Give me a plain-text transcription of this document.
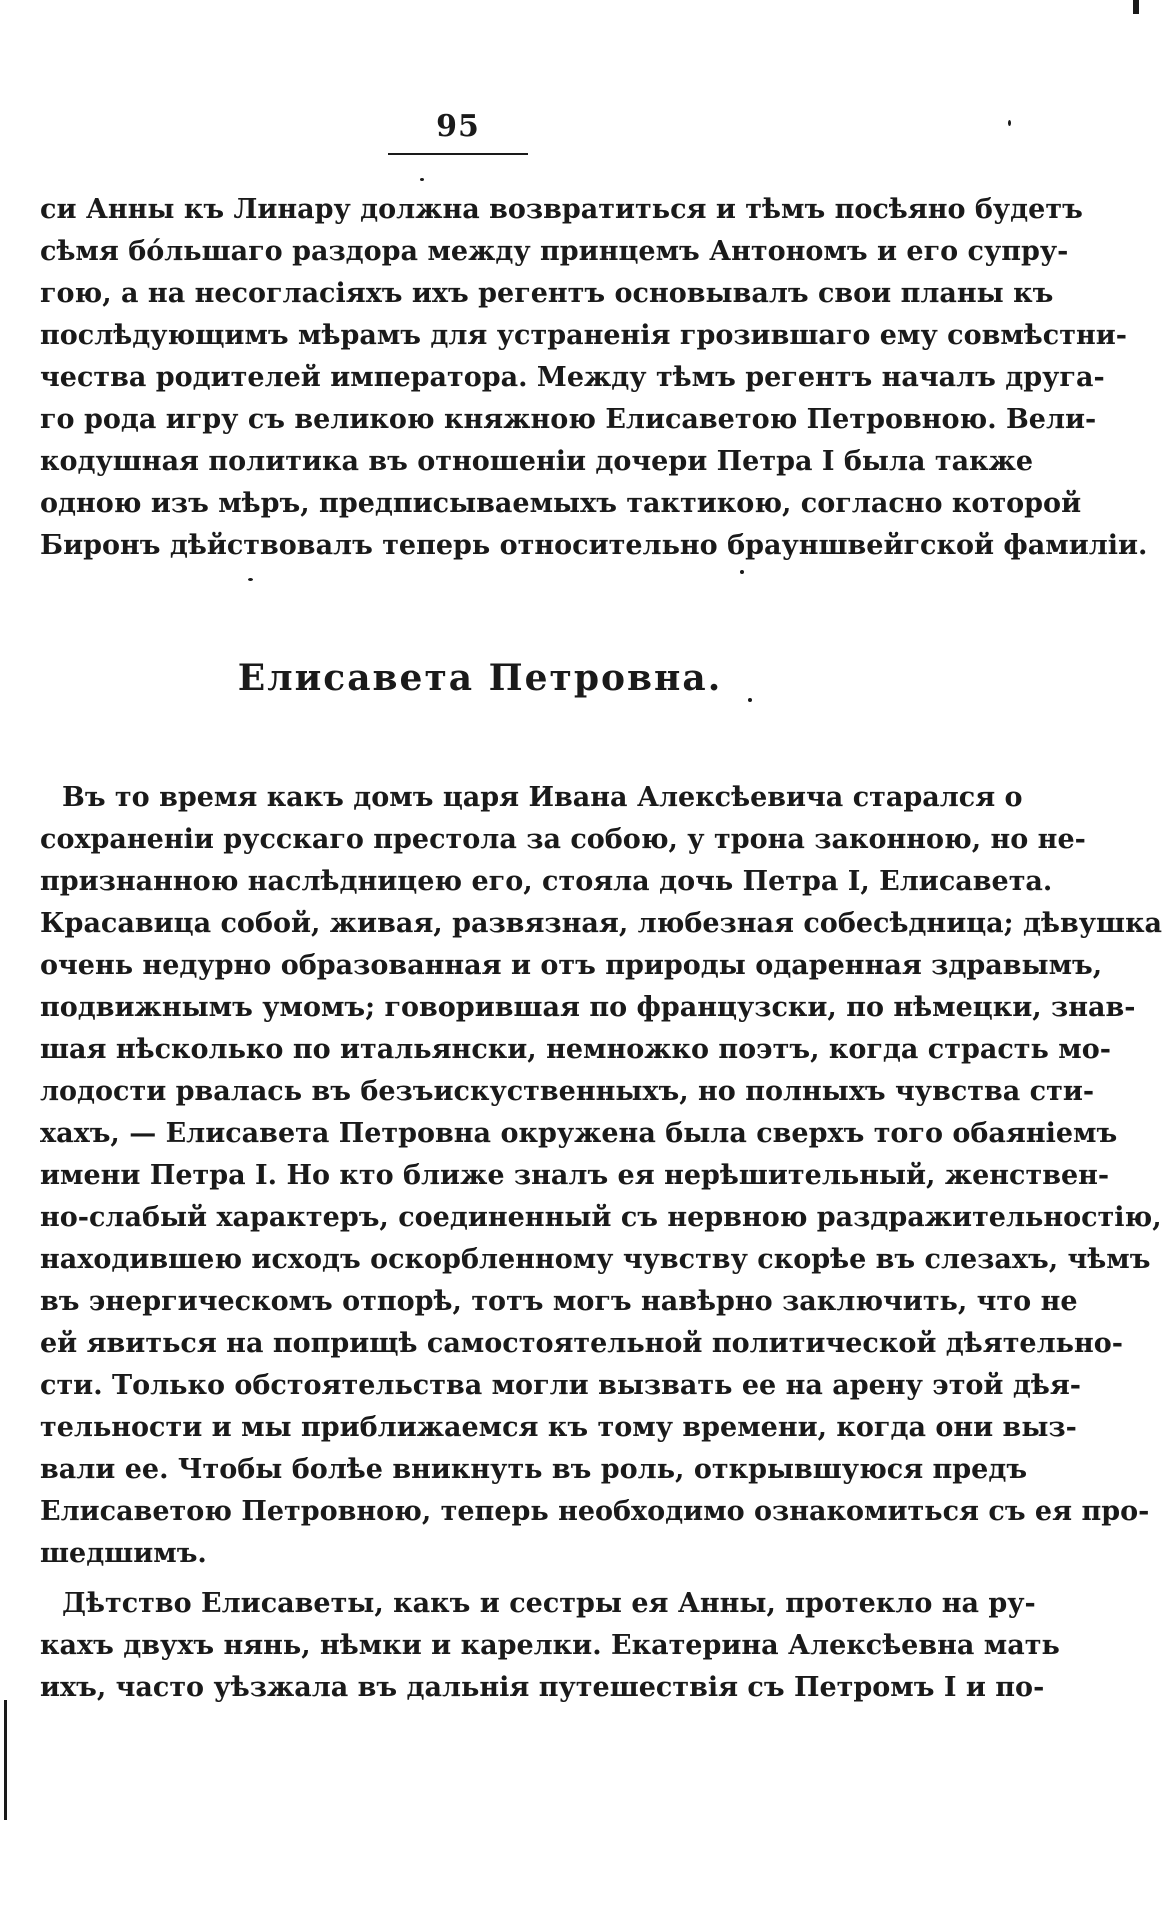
95
си Анны къ Линару должна возвратиться и тѣмъ посѣяно будетъ
сѣмя бóльшаго раздора между принцемъ Антономъ и его супру-
гою, а на несогласіяхъ ихъ регентъ основывалъ свои планы къ
послѣдующимъ мѣрамъ для устраненія грозившаго ему совмѣстни-
чества родителей императора. Между тѣмъ регентъ началъ друга-
го рода игру съ великою княжною Елисаветою Петровною. Вели-
кодушная политика въ отношеніи дочери Петра I была также
одною изъ мѣръ, предписываемыхъ тактикою, согласно которой
Биронъ дѣйствовалъ теперь относительно брауншвейгской фамиліи.
Елисавета Петровна.
Въ то время какъ домъ царя Ивана Алексѣевича старался о
сохраненіи русскаго престола за собою, у трона законною, но не-
признанною наслѣдницею его, стояла дочь Петра I, Елисавета.
Красавица собой, живая, развязная, любезная собесѣдница; дѣвушка
очень недурно образованная и отъ природы одаренная здравымъ,
подвижнымъ умомъ; говорившая по французски, по нѣмецки, знав-
шая нѣсколько по итальянски, немножко поэтъ, когда страсть мо-
лодости рвалась въ безъискуственныхъ, но полныхъ чувства сти-
хахъ, — Елисавета Петровна окружена была сверхъ того обаяніемъ
имени Петра I. Но кто ближе зналъ ея нерѣшительный, женствен-
но-слабый характеръ, соединенный съ нервною раздражительностію,
находившею исходъ оскорбленному чувству скорѣе въ слезахъ, чѣмъ
въ энергическомъ отпорѣ, тотъ могъ навѣрно заключить, что не
ей явиться на поприщѣ самостоятельной политической дѣятельно-
сти. Только обстоятельства могли вызвать ее на арену этой дѣя-
тельности и мы приближаемся къ тому времени, когда они выз-
вали ее. Чтобы болѣе вникнуть въ роль, открывшуюся предъ
Елисаветою Петровною, теперь необходимо ознакомиться съ ея про-
шедшимъ.
Дѣтство Елисаветы, какъ и сестры ея Анны, протекло на ру-
кахъ двухъ нянь, нѣмки и карелки. Екатерина Алексѣевна мать
ихъ, часто уѣзжала въ дальнія путешествія съ Петромъ I и по-
